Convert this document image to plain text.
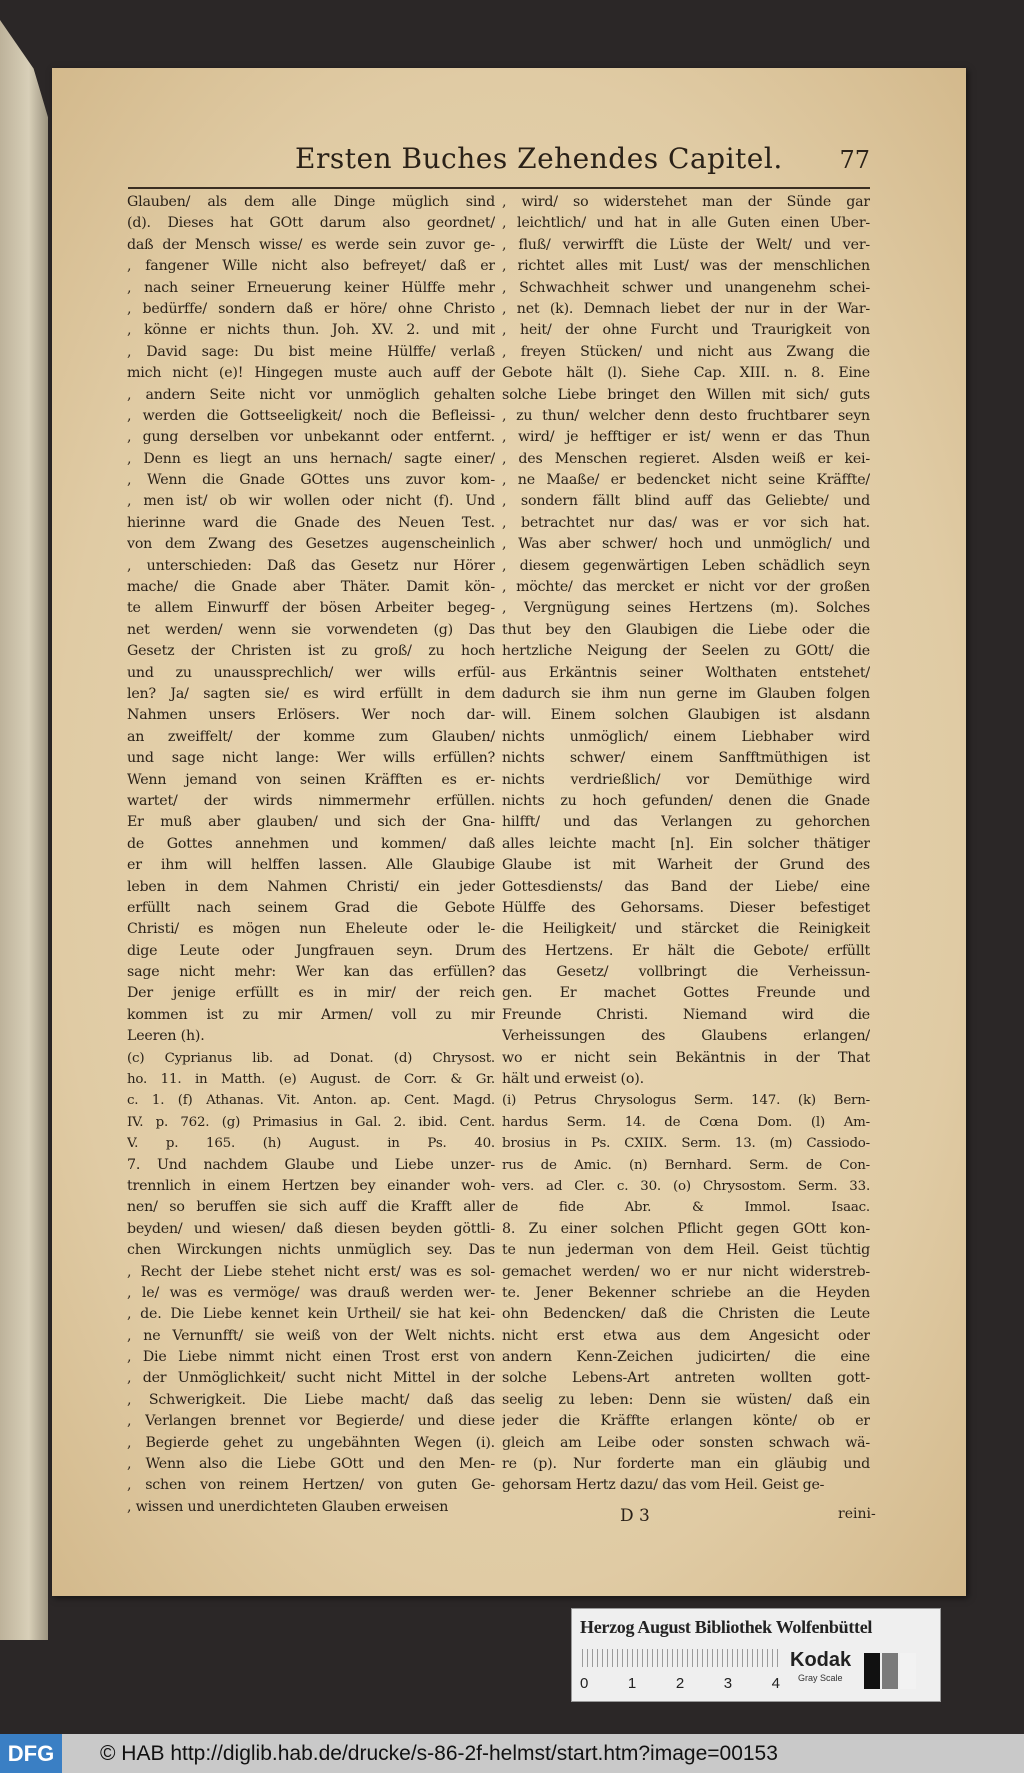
Ersten Buches Zehendes Capitel. 77
Glauben/ als dem alle Dinge müglich sind
(d). Dieses hat GOtt darum also geordnet/
daß der Mensch wisse/ es werde sein zuvor ge-
, fangener Wille nicht also befreyet/ daß er
, nach seiner Erneuerung keiner Hülffe mehr
, bedürffe/ sondern daß er höre/ ohne Christo
, könne er nichts thun. Joh. XV. 2. und mit
, David sage: Du bist meine Hülffe/ verlaß
mich nicht (e)! Hingegen muste auch auff der
, andern Seite nicht vor unmöglich gehalten
, werden die Gottseeligkeit/ noch die Befleissi-
, gung derselben vor unbekannt oder entfernt.
, Denn es liegt an uns hernach/ sagte einer/
, Wenn die Gnade GOttes uns zuvor kom-
, men ist/ ob wir wollen oder nicht (f). Und
hierinne ward die Gnade des Neuen Test.
von dem Zwang des Gesetzes augenscheinlich
, unterschieden: Daß das Gesetz nur Hörer
mache/ die Gnade aber Thäter. Damit kön-
te allem Einwurff der bösen Arbeiter begeg-
net werden/ wenn sie vorwendeten (g) Das
Gesetz der Christen ist zu groß/ zu hoch
und zu unaussprechlich/ wer wills erfül-
len? Ja/ sagten sie/ es wird erfüllt in dem
Nahmen unsers Erlösers. Wer noch dar-
an zweiffelt/ der komme zum Glauben/
und sage nicht lange: Wer wills erfüllen?
Wenn jemand von seinen Kräfften es er-
wartet/ der wirds nimmermehr erfüllen.
Er muß aber glauben/ und sich der Gna-
de Gottes annehmen und kommen/ daß
er ihm will helffen lassen. Alle Glaubige
leben in dem Nahmen Christi/ ein jeder
erfüllt nach seinem Grad die Gebote
Christi/ es mögen nun Eheleute oder le-
dige Leute oder Jungfrauen seyn. Drum
sage nicht mehr: Wer kan das erfüllen?
Der jenige erfüllt es in mir/ der reich
kommen ist zu mir Armen/ voll zu mir
Leeren (h).
(c) Cyprianus lib. ad Donat. (d) Chrysost.
ho. 11. in Matth. (e) August. de Corr. & Gr.
c. 1. (f) Athanas. Vit. Anton. ap. Cent. Magd.
IV. p. 762. (g) Primasius in Gal. 2. ibid. Cent.
V. p. 165. (h) August. in Ps. 40.
7. Und nachdem Glaube und Liebe unzer-
trennlich in einem Hertzen bey einander woh-
nen/ so beruffen sie sich auff die Krafft aller
beyden/ und wiesen/ daß diesen beyden göttli-
chen Wirckungen nichts unmüglich sey. Das
, Recht der Liebe stehet nicht erst/ was es sol-
, le/ was es vermöge/ was drauß werden wer-
, de. Die Liebe kennet kein Urtheil/ sie hat kei-
, ne Vernunfft/ sie weiß von der Welt nichts.
, Die Liebe nimmt nicht einen Trost erst von
, der Unmöglichkeit/ sucht nicht Mittel in der
, Schwerigkeit. Die Liebe macht/ daß das
, Verlangen brennet vor Begierde/ und diese
, Begierde gehet zu ungebähnten Wegen (i).
, Wenn also die Liebe GOtt und den Men-
, schen von reinem Hertzen/ von guten Ge-
, wissen und unerdichteten Glauben erweisen
, wird/ so widerstehet man der Sünde gar
, leichtlich/ und hat in alle Guten einen Uber-
, fluß/ verwirfft die Lüste der Welt/ und ver-
, richtet alles mit Lust/ was der menschlichen
, Schwachheit schwer und unangenehm schei-
, net (k). Demnach liebet der nur in der War-
, heit/ der ohne Furcht und Traurigkeit von
, freyen Stücken/ und nicht aus Zwang die
Gebote hält (l). Siehe Cap. XIII. n. 8. Eine
solche Liebe bringet den Willen mit sich/ guts
, zu thun/ welcher denn desto fruchtbarer seyn
, wird/ je hefftiger er ist/ wenn er das Thun
, des Menschen regieret. Alsden weiß er kei-
, ne Maaße/ er bedencket nicht seine Kräffte/
, sondern fällt blind auff das Geliebte/ und
, betrachtet nur das/ was er vor sich hat.
, Was aber schwer/ hoch und unmöglich/ und
, diesem gegenwärtigen Leben schädlich seyn
, möchte/ das mercket er nicht vor der großen
, Vergnügung seines Hertzens (m). Solches
thut bey den Glaubigen die Liebe oder die
hertzliche Neigung der Seelen zu GOtt/ die
aus Erkäntnis seiner Wolthaten entstehet/
dadurch sie ihm nun gerne im Glauben folgen
will. Einem solchen Glaubigen ist alsdann
nichts unmöglich/ einem Liebhaber wird
nichts schwer/ einem Sanfftmüthigen ist
nichts verdrießlich/ vor Demüthige wird
nichts zu hoch gefunden/ denen die Gnade
hilfft/ und das Verlangen zu gehorchen
alles leichte macht [n]. Ein solcher thätiger
Glaube ist mit Warheit der Grund des
Gottesdiensts/ das Band der Liebe/ eine
Hülffe des Gehorsams. Dieser befestiget
die Heiligkeit/ und stärcket die Reinigkeit
des Hertzens. Er hält die Gebote/ erfüllt
das Gesetz/ vollbringt die Verheissun-
gen. Er machet Gottes Freunde und
Freunde Christi. Niemand wird die
Verheissungen des Glaubens erlangen/
wo er nicht sein Bekäntnis in der That
hält und erweist (o).
(i) Petrus Chrysologus Serm. 147. (k) Bern-
hardus Serm. 14. de Cœna Dom. (l) Am-
brosius in Ps. CXIIX. Serm. 13. (m) Cassiodo-
rus de Amic. (n) Bernhard. Serm. de Con-
vers. ad Cler. c. 30. (o) Chrysostom. Serm. 33.
de fide Abr. & Immol. Isaac.
8. Zu einer solchen Pflicht gegen GOtt kon-
te nun jederman von dem Heil. Geist tüchtig
gemachet werden/ wo er nur nicht widerstreb-
te. Jener Bekenner schriebe an die Heyden
ohn Bedencken/ daß die Christen die Leute
nicht erst etwa aus dem Angesicht oder
andern Kenn-Zeichen judicirten/ die eine
solche Lebens-Art antreten wollten gott-
seelig zu leben: Denn sie wüsten/ daß ein
jeder die Kräffte erlangen könte/ ob er
gleich am Leibe oder sonsten schwach wä-
re (p). Nur forderte man ein gläubig und
gehorsam Hertz dazu/ das vom Heil. Geist ge-
D 3	reini-
Herzog August Bibliothek Wolfenbüttel
0	1	2	3	4
Kodak
Gray Scale
DFG	© HAB http://diglib.hab.de/drucke/s-86-2f-helmst/start.htm?image=00153
